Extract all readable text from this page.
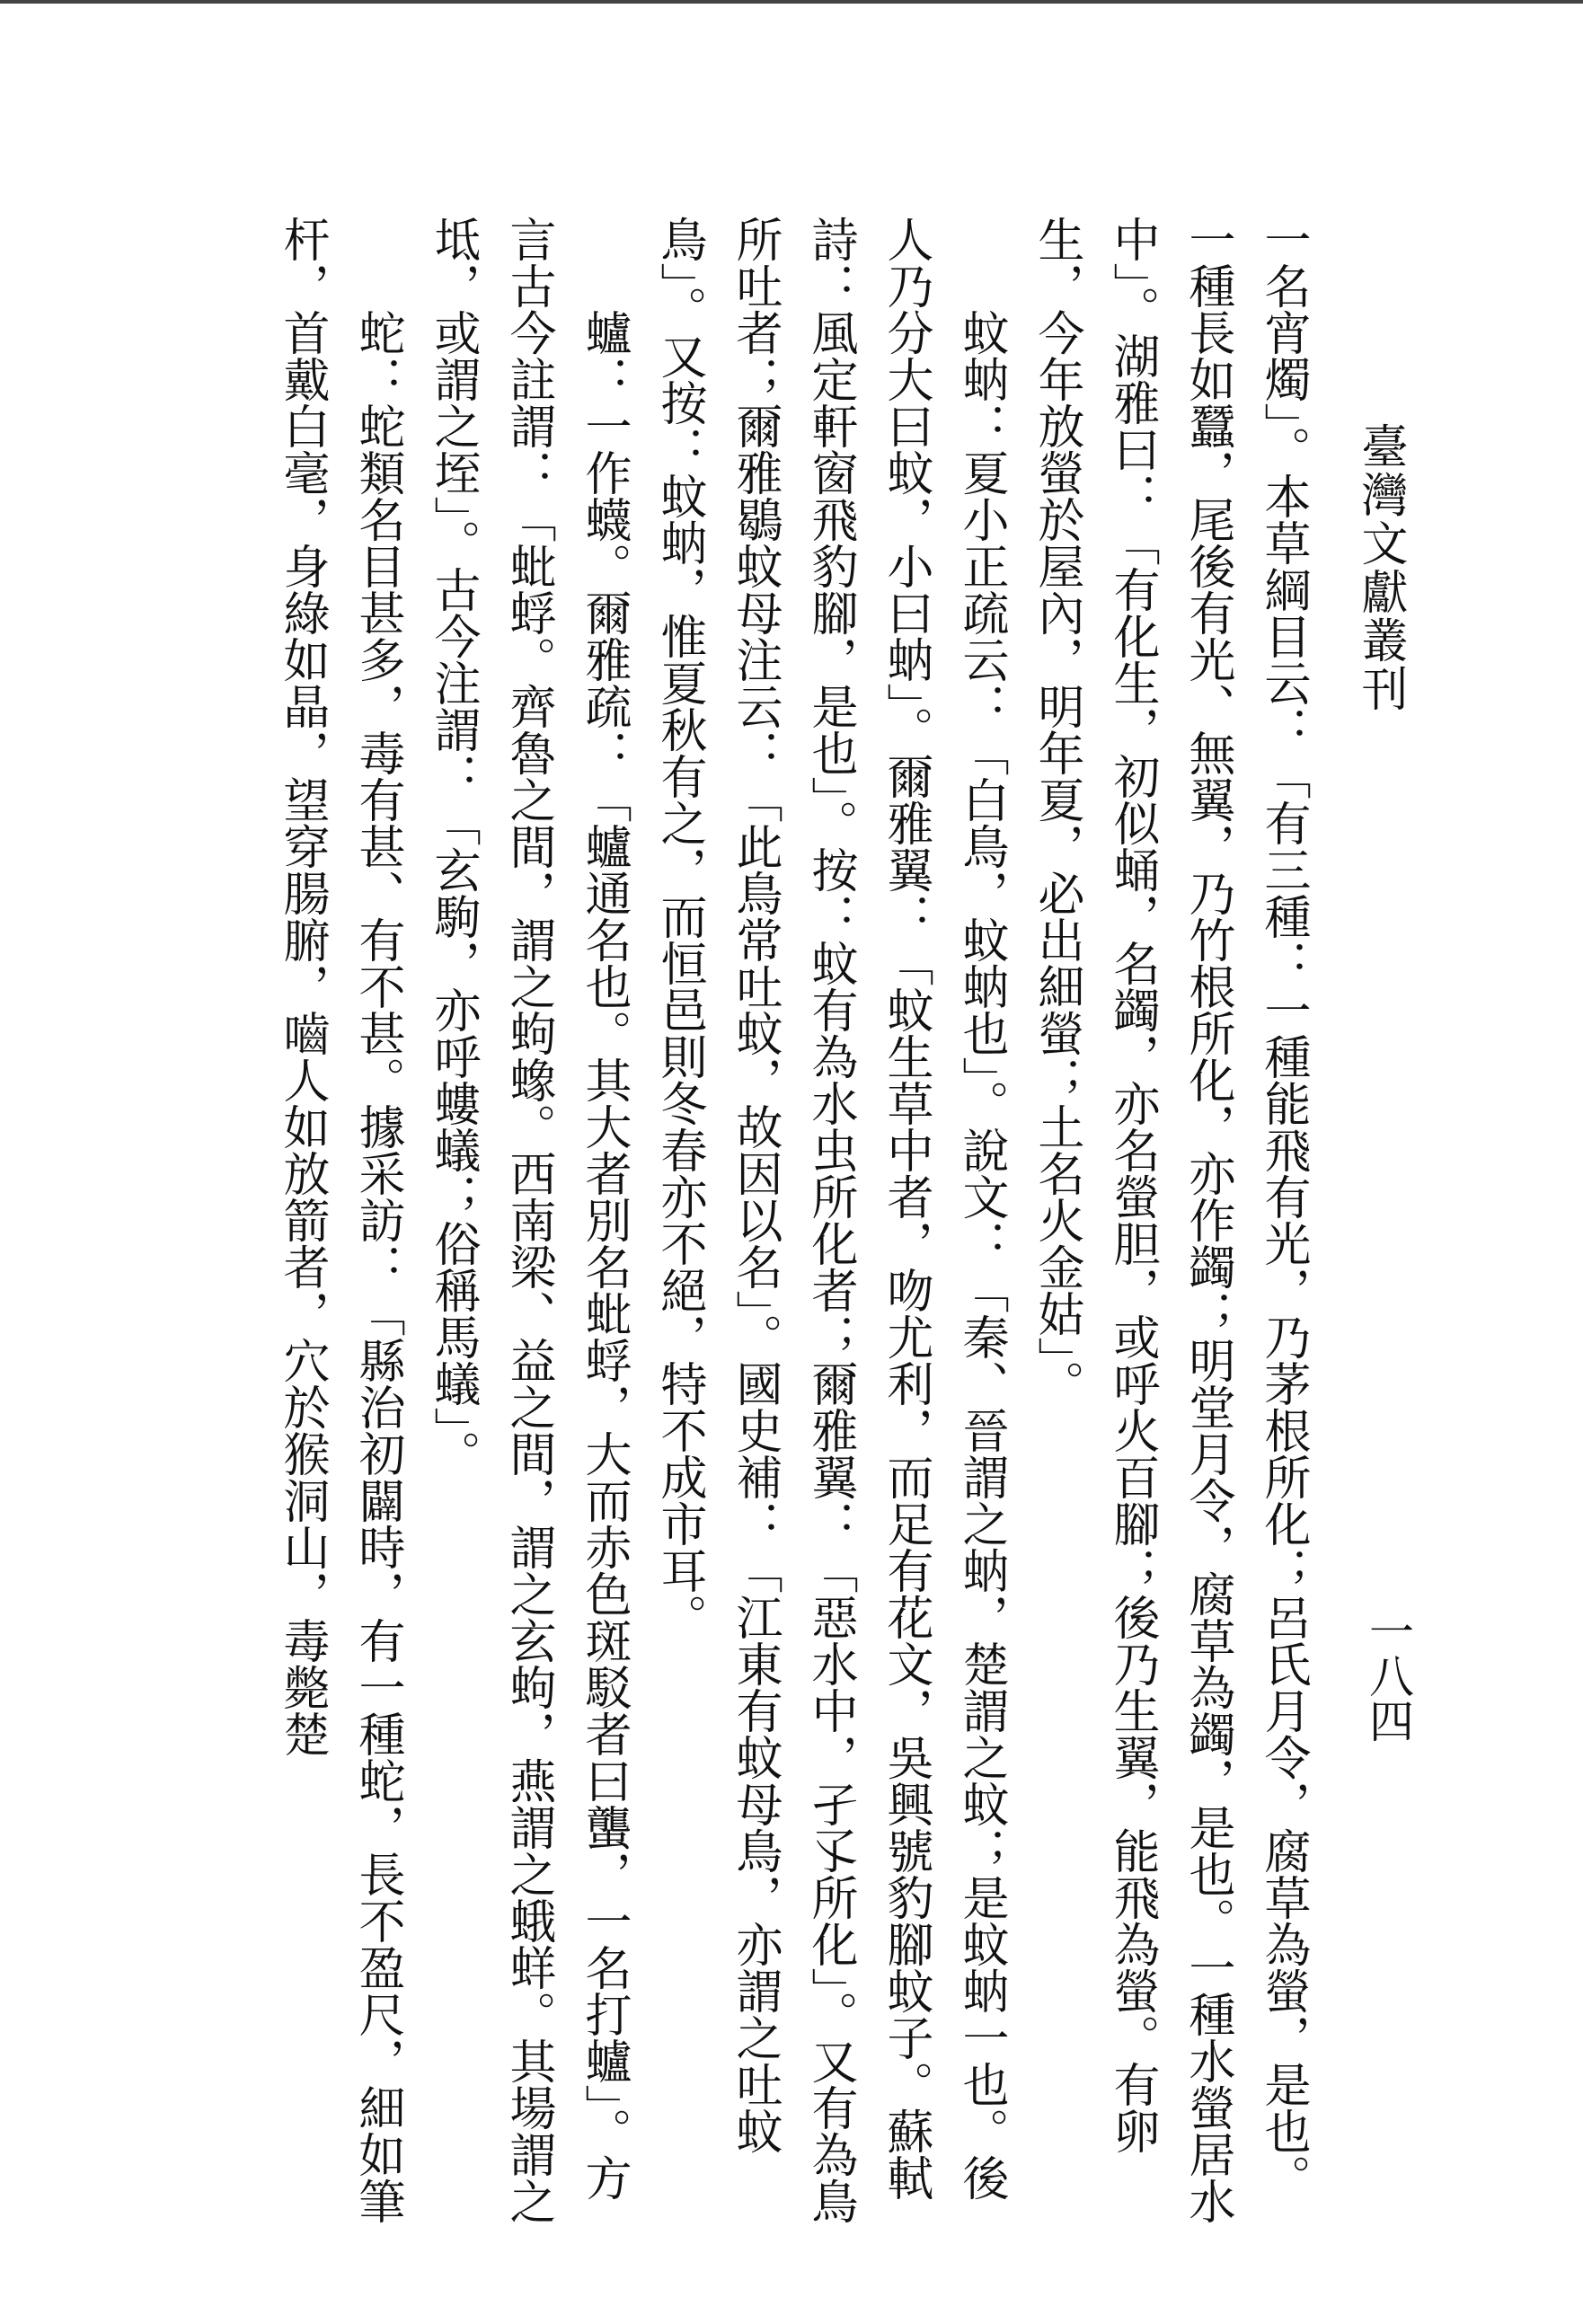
臺灣文獻叢刊
一八四

一名宵燭」。本草綱目云：「有三種：一種能飛有光，乃茅根所化；呂氏月令，腐草為螢，是也。一種長如蠶，尾後有光、無翼，乃竹根所化，亦作蠲；明堂月令，腐草為蠲，是也。一種水螢居水中」。湖雅曰：「有化生，初似蛹，名蠲，亦名螢胆，或呼火百腳；後乃生翼，能飛為螢。有卵生，今年放螢於屋內，明年夏，必出細螢；土名火金姑」。

蚊蚋：夏小正疏云：「白鳥，蚊蚋也」。說文：「秦、晉謂之蚋，楚謂之蚊；是蚊蚋一也。後人乃分大曰蚊，小曰蚋」。爾雅翼：「蚊生草中者，吻尤利，而足有花文，吳興號豹腳蚊子。蘇軾詩：風定軒窗飛豹腳，是也」。按：蚊有為水虫所化者；爾雅翼：「惡水中，孑孓所化」。又有為鳥所吐者；爾雅鶡蚊母注云：「此鳥常吐蚊，故因以名」。國史補：「江東有蚊母鳥，亦謂之吐蚊鳥」。又按：蚊蚋，惟夏秋有之，而恒邑則冬春亦不絕，特不成市耳。

蠦：一作蠛。爾雅疏：「蠦通名也。其大者別名蚍蜉，大而赤色斑駁者曰蠪，一名打蠦」。方言古今註謂：「蚍蜉。齊魯之間，謂之蚼蟓。西南梁、益之間，謂之玄蚼，燕謂之蛾蛘。其場謂之坻，或謂之垤」。古今注謂：「玄駒，亦呼螻蟻；俗稱馬蟻」。

蛇：蛇類名目甚多，毒有甚、有不甚。據采訪：「縣治初闢時，有一種蛇，長不盈尺，細如筆杆，首戴白毫，身綠如晶，望穿腸腑，嚙人如放箭者，穴於猴洞山，毒斃楚
